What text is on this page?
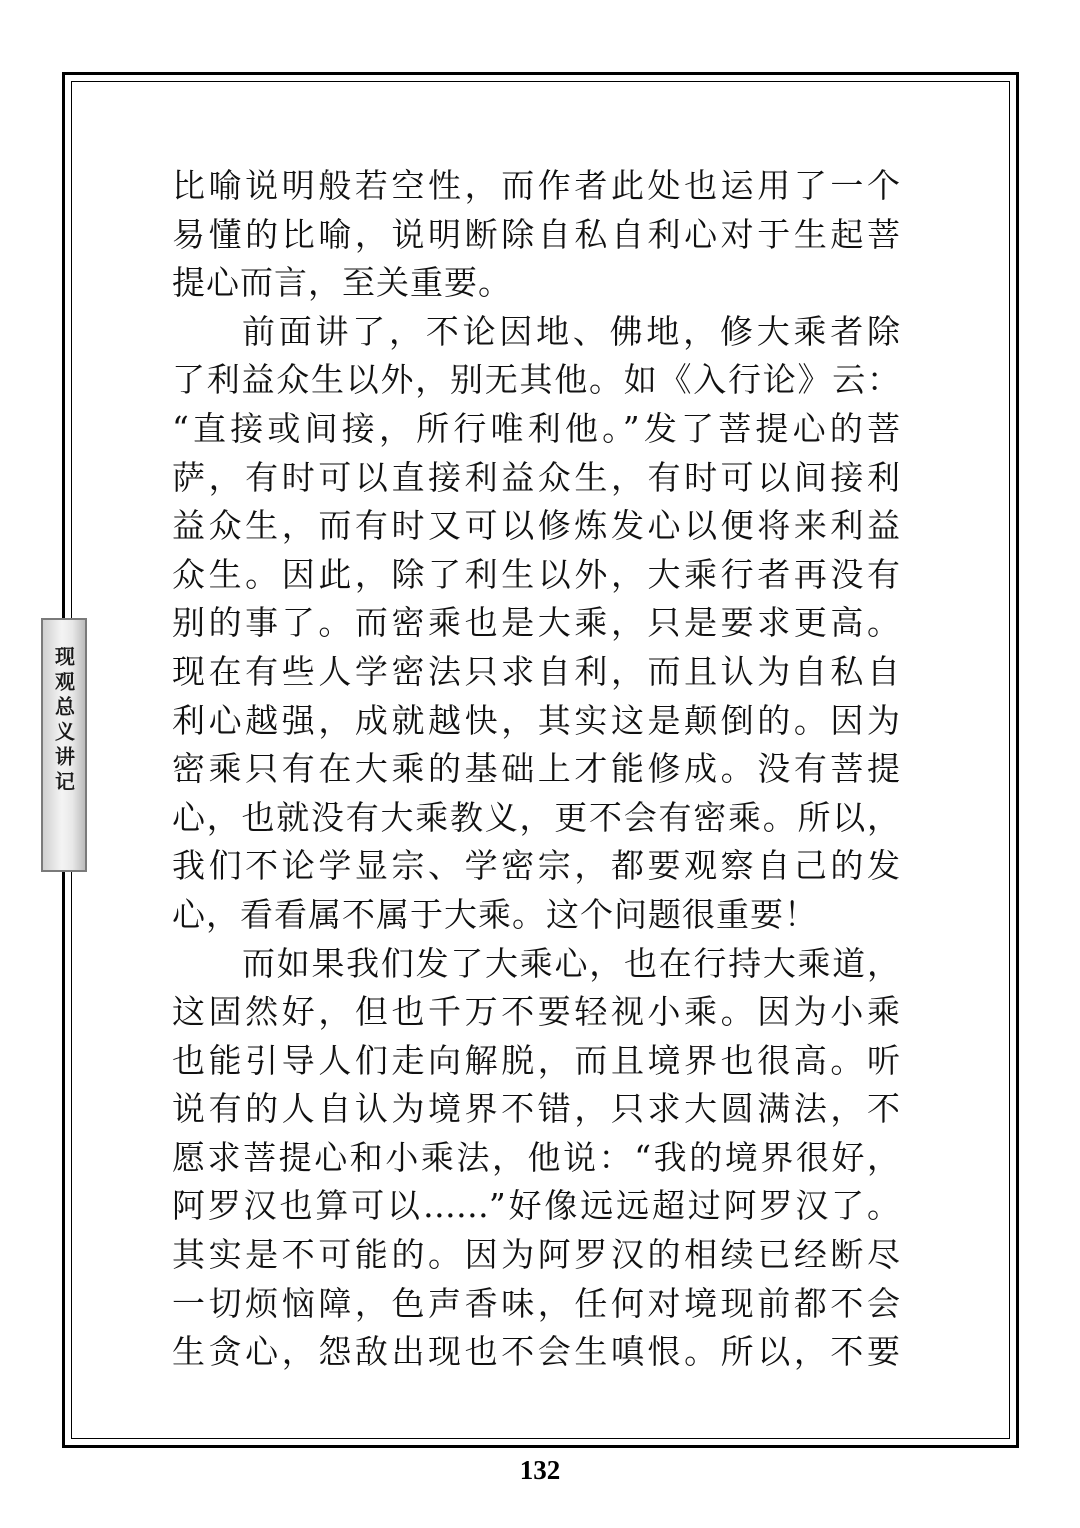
现观总义讲记
比喻说明般若空性，而作者此处也运用了一个
易懂的比喻，说明断除自私自利心对于生起菩
提心而言，至关重要。
前面讲了，不论因地、佛地，修大乘者除
了利益众生以外，别无其他。如《入行论》云：
“直接或间接，所行唯利他。”发了菩提心的菩
萨，有时可以直接利益众生，有时可以间接利
益众生，而有时又可以修炼发心以便将来利益
众生。因此，除了利生以外，大乘行者再没有
别的事了。而密乘也是大乘，只是要求更高。
现在有些人学密法只求自利，而且认为自私自
利心越强，成就越快，其实这是颠倒的。因为
密乘只有在大乘的基础上才能修成。没有菩提
心，也就没有大乘教义，更不会有密乘。所以，
我们不论学显宗、学密宗，都要观察自己的发
心，看看属不属于大乘。这个问题很重要！
而如果我们发了大乘心，也在行持大乘道，
这固然好，但也千万不要轻视小乘。因为小乘
也能引导人们走向解脱，而且境界也很高。听
说有的人自认为境界不错，只求大圆满法，不
愿求菩提心和小乘法，他说：“我的境界很好，
阿罗汉也算可以……”好像远远超过阿罗汉了。
其实是不可能的。因为阿罗汉的相续已经断尽
一切烦恼障，色声香味，任何对境现前都不会
生贪心，怨敌出现也不会生嗔恨。所以，不要
132
